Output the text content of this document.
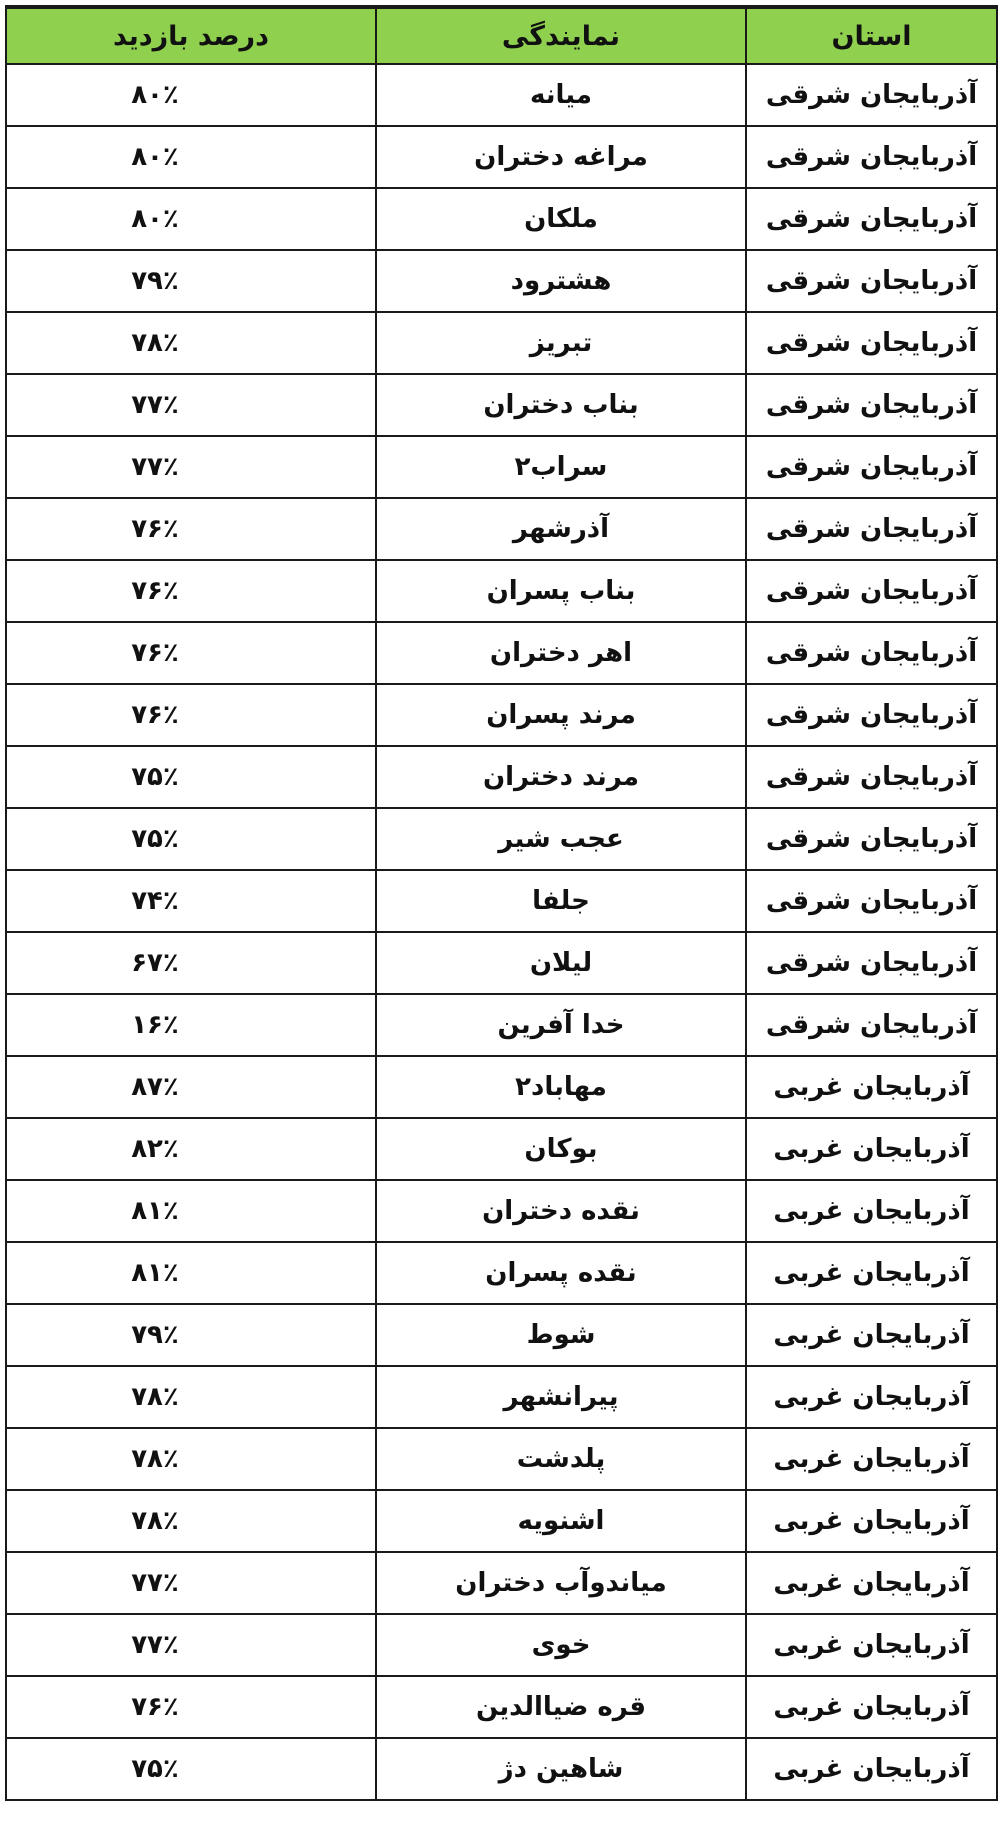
استان	نمایندگی	درصد بازدید
آذربایجان شرقی	میانه	۸۰٪
آذربایجان شرقی	مراغه دختران	۸۰٪
آذربایجان شرقی	ملکان	۸۰٪
آذربایجان شرقی	هشترود	۷۹٪
آذربایجان شرقی	تبریز	۷۸٪
آذربایجان شرقی	بناب دختران	۷۷٪
آذربایجان شرقی	سراب۲	۷۷٪
آذربایجان شرقی	آذرشهر	۷۶٪
آذربایجان شرقی	بناب پسران	۷۶٪
آذربایجان شرقی	اهر دختران	۷۶٪
آذربایجان شرقی	مرند پسران	۷۶٪
آذربایجان شرقی	مرند دختران	۷۵٪
آذربایجان شرقی	عجب شیر	۷۵٪
آذربایجان شرقی	جلفا	۷۴٪
آذربایجان شرقی	لیلان	۶۷٪
آذربایجان شرقی	خدا آفرین	۱۶٪
آذربایجان غربی	مهاباد۲	۸۷٪
آذربایجان غربی	بوکان	۸۲٪
آذربایجان غربی	نقده دختران	۸۱٪
آذربایجان غربی	نقده پسران	۸۱٪
آذربایجان غربی	شوط	۷۹٪
آذربایجان غربی	پیرانشهر	۷۸٪
آذربایجان غربی	پلدشت	۷۸٪
آذربایجان غربی	اشنویه	۷۸٪
آذربایجان غربی	میاندوآب دختران	۷۷٪
آذربایجان غربی	خوی	۷۷٪
آذربایجان غربی	قره ضیاالدین	۷۶٪
آذربایجان غربی	شاهین دژ	۷۵٪
